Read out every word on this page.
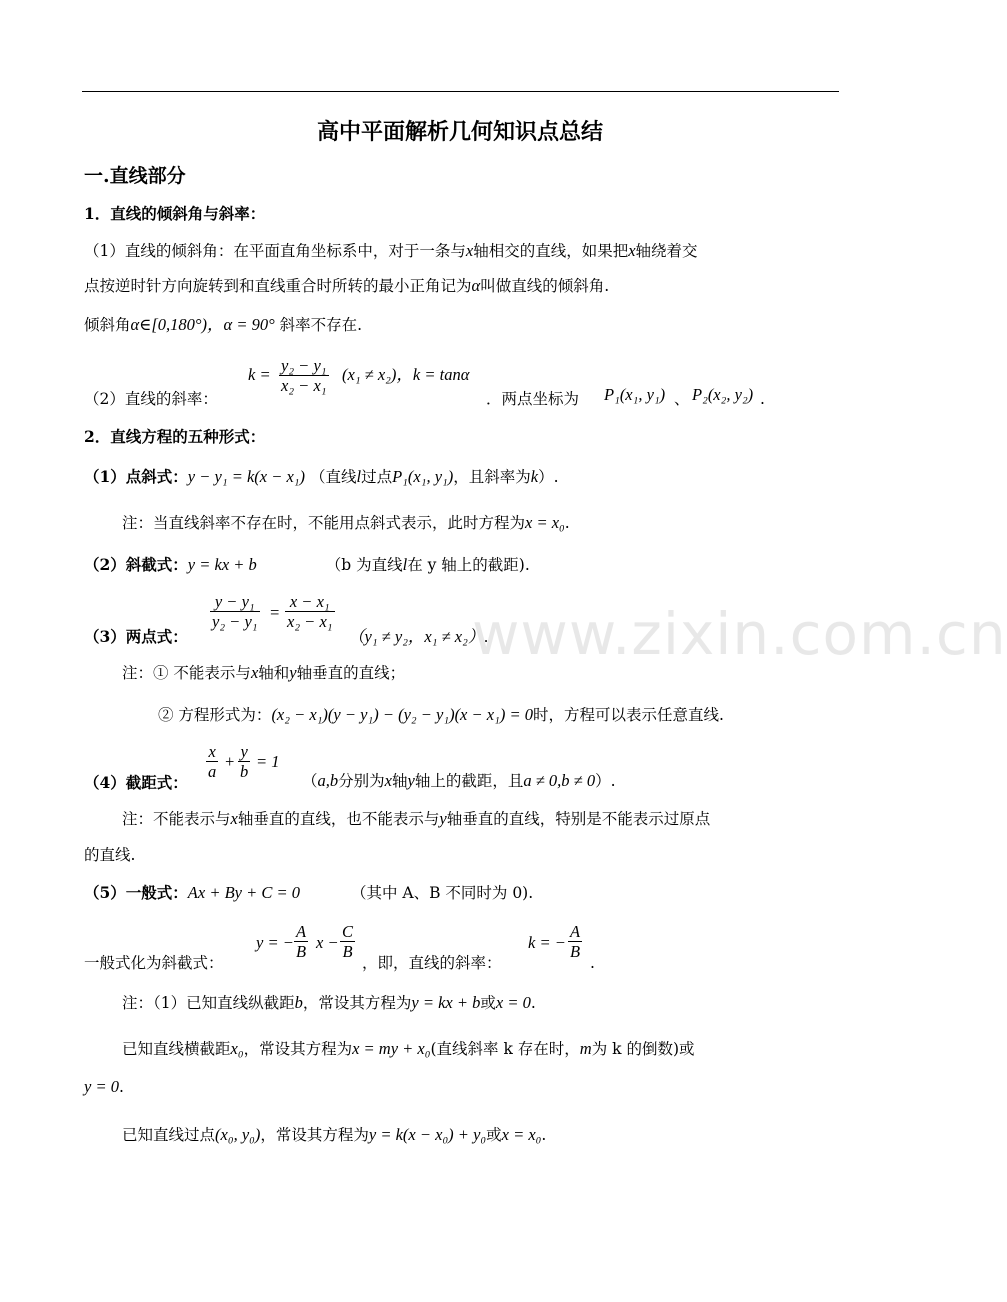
高中平面解析几何知识点总结
一.直线部分
1．直线的倾斜角与斜率：
（1）直线的倾斜角：在平面直角坐标系中，对于一条与x轴相交的直线，如果把x轴绕着交
点按逆时针方向旋转到和直线重合时所转的最小正角记为α叫做直线的倾斜角.
倾斜角α∈[0,180°)，α = 90° 斜率不存在.
（2）直线的斜率：
$k = \frac{\text{y₂ − y₁}}{\text{x₂ − x₁}} (x_1 \ne x_2)$，k = tanα
．两点坐标为 P₁(x₁, y₁) 、 P₂(x₂, y₂) .
2．直线方程的五种形式：
（1）点斜式：y − y₁ = k(x − x₁) （直线l过点P₁(x₁, y₁)，且斜率为k）.
注：当直线斜率不存在时，不能用点斜式表示，此时方程为x = x₀.
（2）斜截式：y = kx + b	（b 为直线l在 y 轴上的截距).
（3）两点式：
$\frac{\text{y − y₁}}{\text{y₂ − y₁}} = \frac{\text{x − x₁}}{\text{x₂ − x₁}}$
（y₁ ≠ y₂，x₁ ≠ x₂）.
注：① 不能表示与x轴和y轴垂直的直线；
② 方程形式为：(x₂ − x₁)(y − y₁) − (y₂ − y₁)(x − x₁) = 0时，方程可以表示任意直线.
（4）截距式：
$\frac{x}{a} + \frac{y}{b} = 1$
（a,b分别为x轴y轴上的截距，且a ≠ 0,b ≠ 0）.
注：不能表示与x轴垂直的直线，也不能表示与y轴垂直的直线，特别是不能表示过原点
的直线.
（5）一般式：Ax + By + C = 0	（其中 A、B 不同时为 0).
一般式化为斜截式：
y = − $\frac{A}{B}$ $x - \frac{C}{B}$
，即，直线的斜率：
k = − $\frac{A}{B}$
.
注：（1）已知直线纵截距b，常设其方程为y = kx + b或x = 0.
已知直线横截距x₀，常设其方程为x = my + x₀(直线斜率 k 存在时，m为 k 的倒数)或
y = 0.
已知直线过点(x₀, y₀)，常设其方程为y = k(x − x₀) + y₀或x = x₀.
www.zixin.com.cn
